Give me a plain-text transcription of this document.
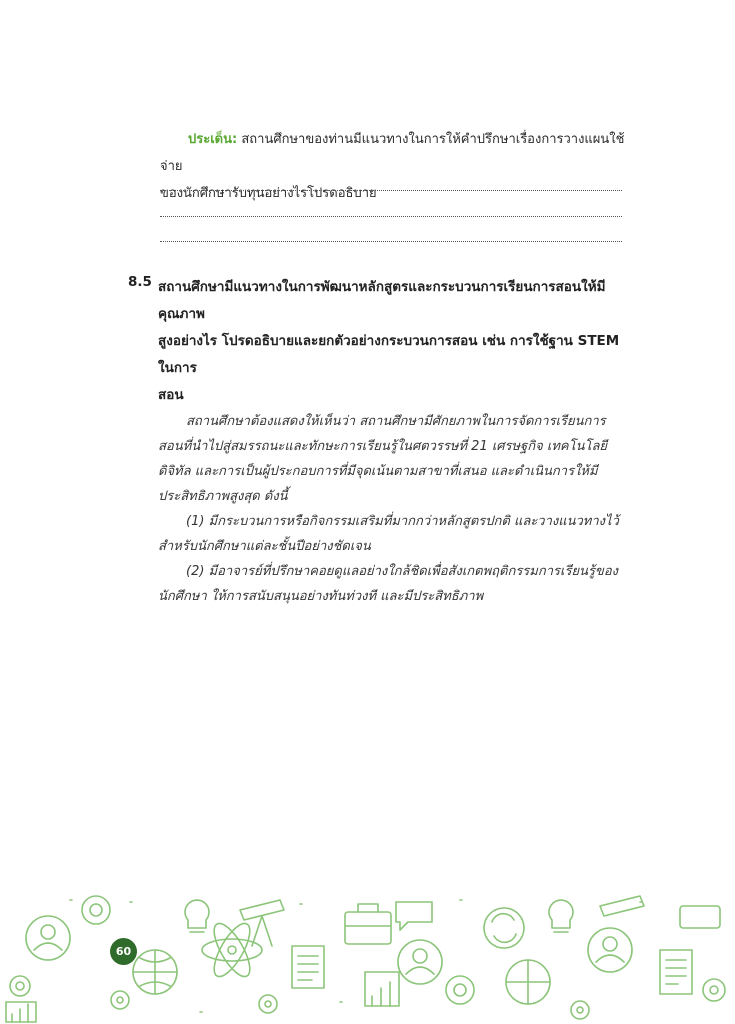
ประเด็น: สถานศึกษาของท่านมีแนวทางในการให้คำปรึกษาเรื่องการวางแผนใช้จ่าย

ของนักศึกษารับทุนอย่างไรโปรดอธิบาย

8.5 สถานศึกษามีแนวทางในการพัฒนาหลักสูตรและกระบวนการเรียนการสอนให้มีคุณภาพ
สูงอย่างไร โปรดอธิบายและยกตัวอย่างกระบวนการสอน เช่น การใช้ฐาน STEM ในการ
สอน

สถานศึกษาต้องแสดงให้เห็นว่า สถานศึกษามีศักยภาพในการจัดการเรียนการสอนที่นำไปสู่สมรรถนะและทักษะการเรียนรู้ในศตวรรษที่ 21 เศรษฐกิจ เทคโนโลยีดิจิทัล และการเป็นผู้ประกอบการที่มีจุดเน้นตามสาขาที่เสนอ และดำเนินการให้มีประสิทธิภาพสูงสุด ดังนี้

(1) มีกระบวนการหรือกิจกรรมเสริมที่มากกว่าหลักสูตรปกติ และวางแนวทางไว้สำหรับนักศึกษาแต่ละชั้นปีอย่างชัดเจน

(2) มีอาจารย์ที่ปรึกษาคอยดูแลอย่างใกล้ชิดเพื่อสังเกตพฤติกรรมการเรียนรู้ของนักศึกษา ให้การสนับสนุนอย่างทันท่วงที และมีประสิทธิภาพ

60
